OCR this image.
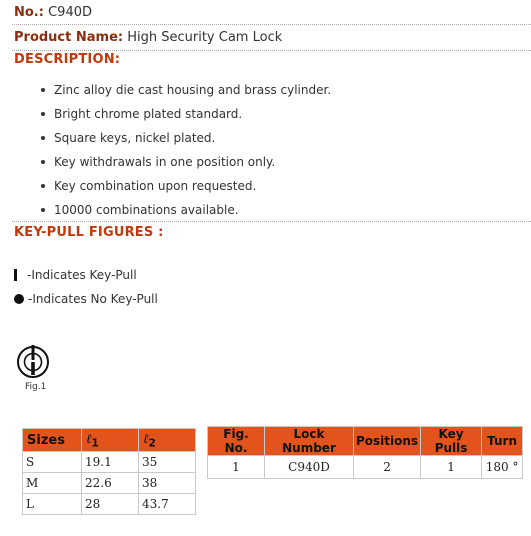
No.: C940D
Product Name: High Security Cam Lock
DESCRIPTION:
Zinc alloy die cast housing and brass cylinder.
Bright chrome plated standard.
Square keys, nickel plated.
Key withdrawals in one position only.
Key combination upon requested.
10000 combinations available.
KEY-PULL FIGURES :
-Indicates Key-Pull
-Indicates No Key-Pull
Fig.1
Sizes	ℓ$_1$	ℓ$_2$
S	19.1	35
M	22.6	38
L	28	43.7
Fig. No.	Lock Number	Positions	Key Pulls	Turn
1	C940D	2	1	180 °
